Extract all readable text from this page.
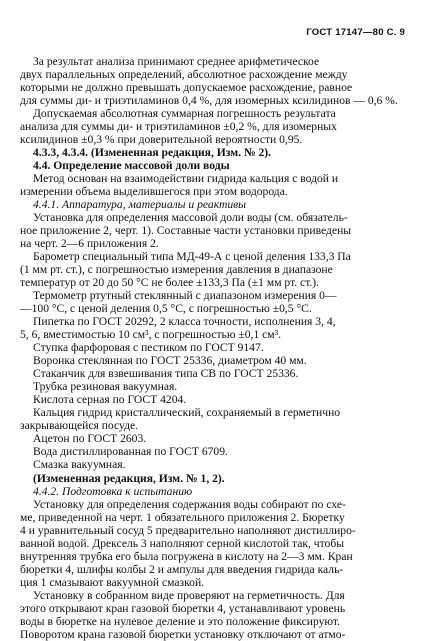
ГОСТ 17147—80 С. 9
За результат анализа принимают среднее арифметическое
двух параллельных определений, абсолютное расхождение между
которыми не должно превышать допускаемое расхождение, равное
для суммы ди- и триэтиламинов 0,4 %, для изомерных ксилидинов — 0,6 %.
Допускаемая абсолютная суммарная погрешность результата
анализа для суммы ди- и триэтиламинов ±0,2 %, для изомерных
ксилидинов ±0,3 % при доверительной вероятности 0,95.
4.3.3, 4.3.4. (Измененная редакция, Изм. № 2).
4.4. Определение массовой доли воды
Метод основан на взаимодействии гидрида кальция с водой и
измерении объема выделившегося при этом водорода.
4.4.1. Аппаратура, материалы и реактивы
Установка для определения массовой доли воды (см. обязатель-
ное приложение 2, черт. 1). Составные части установки приведены
на черт. 2—6 приложения 2.
Барометр специальный типа МД-49-А с ценой деления 133,3 Па
(1 мм рт. ст.), с погрешностью измерения давления в диапазоне
температур от 20 до 50 °С не более ±133,3 Па (±1 мм рт. ст.).
Термометр ртутный стеклянный с диапазоном измерения 0—
—100 °С, с ценой деления 0,5 °С, с погрешностью ±0,5 °С.
Пипетка по ГОСТ 20292, 2 класса точности, исполнения 3, 4,
5, 6, вместимостью 10 см³, с погрешностью ±0,1 см³.
Ступка фарфоровая с пестиком по ГОСТ 9147.
Воронка стеклянная по ГОСТ 25336, диаметром 40 мм.
Стаканчик для взвешивания типа СВ по ГОСТ 25336.
Трубка резиновая вакуумная.
Кислота серная по ГОСТ 4204.
Кальция гидрид кристаллический, сохраняемый в герметично
закрывающейся посуде.
Ацетон по ГОСТ 2603.
Вода дистиллированная по ГОСТ 6709.
Смазка вакуумная.
(Измененная редакция, Изм. № 1, 2).
4.4.2. Подготовка к испытанию
Установку для определения содержания воды собирают по схе-
ме, приведенной на черт. 1 обязательного приложения 2. Бюретку
4 и уравнительный сосуд 5 предварительно наполняют дистиллиро-
ванной водой. Дрексель 3 наполняют серной кислотой так, чтобы
внутренняя трубка его была погружена в кислоту на 2—3 мм. Кран
бюретки 4, шлифы колбы 2 и ампулы для введения гидрида каль-
ция 1 смазывают вакуумной смазкой.
Установку в собранном виде проверяют на герметичность. Для
этого открывают кран газовой бюретки 4, устанавливают уровень
воды в бюретке на нулевое деление и это положение фиксируют.
Поворотом крана газовой бюретки установку отключают от атмо-
